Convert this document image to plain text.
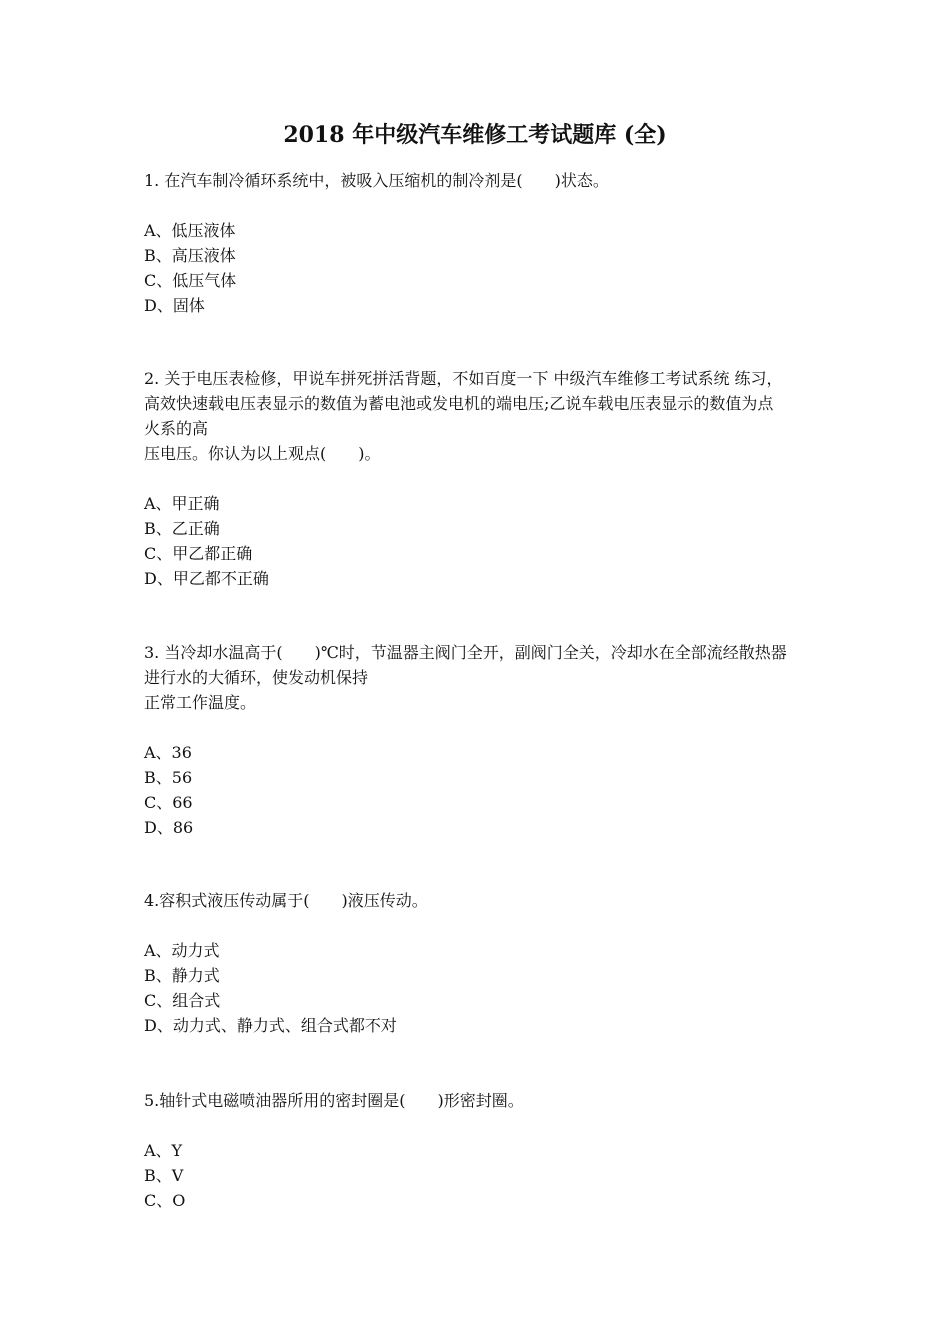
2018 年中级汽车维修工考试题库 (全)
1. 在汽车制冷循环系统中，被吸入压缩机的制冷剂是(　　)状态。
A、低压液体
B、高压液体
C、低压气体
D、固体
2. 关于电压表检修，甲说车拼死拼活背题，不如百度一下 中级汽车维修工考试系统 练习，
高效快速载电压表显示的数值为蓄电池或发电机的端电压;乙说车载电压表显示的数值为点
火系的高
压电压。你认为以上观点(　　)。
A、甲正确
B、乙正确
C、甲乙都正确
D、甲乙都不正确
3. 当冷却水温高于(　　)℃时，节温器主阀门全开，副阀门全关，冷却水在全部流经散热器
进行水的大循环，使发动机保持
正常工作温度。
A、36
B、56
C、66
D、86
4.容积式液压传动属于(　　)液压传动。
A、动力式
B、静力式
C、组合式
D、动力式、静力式、组合式都不对
5.轴针式电磁喷油器所用的密封圈是(　　)形密封圈。
A、Y
B、V
C、O
